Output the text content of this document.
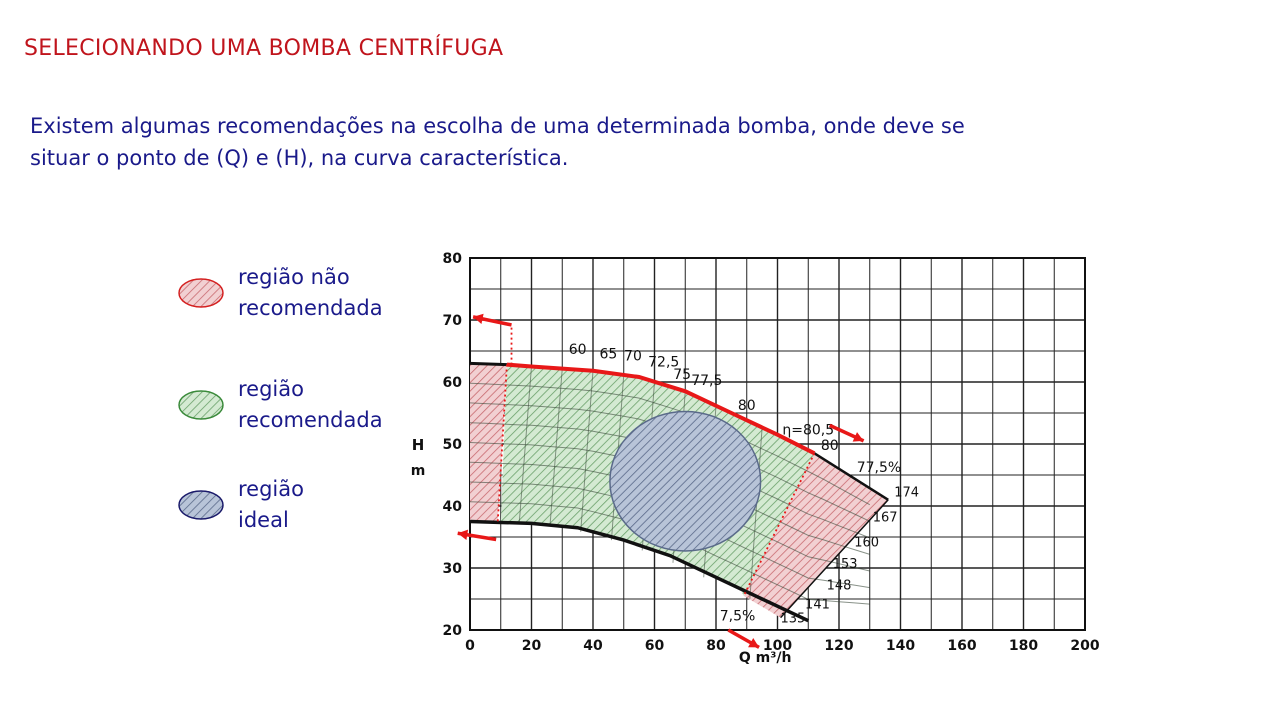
SELECIONANDO UMA BOMBA CENTRÍFUGA

Existem algumas recomendações na escolha de uma determinada bomba, onde deve se
situar o ponto de (Q) e (H), na curva característica.

região não
recomendada
região
recomendada
região
ideal
0	20	40	60	80	100 120 140 160 180 200
20
30
40
50
60
70
80
H
m
Q m³/h
60 65 70 72,5
75 77,5
80
η=80,5
80
77,5%
7,5%
174
167
160
153
148
141
135
